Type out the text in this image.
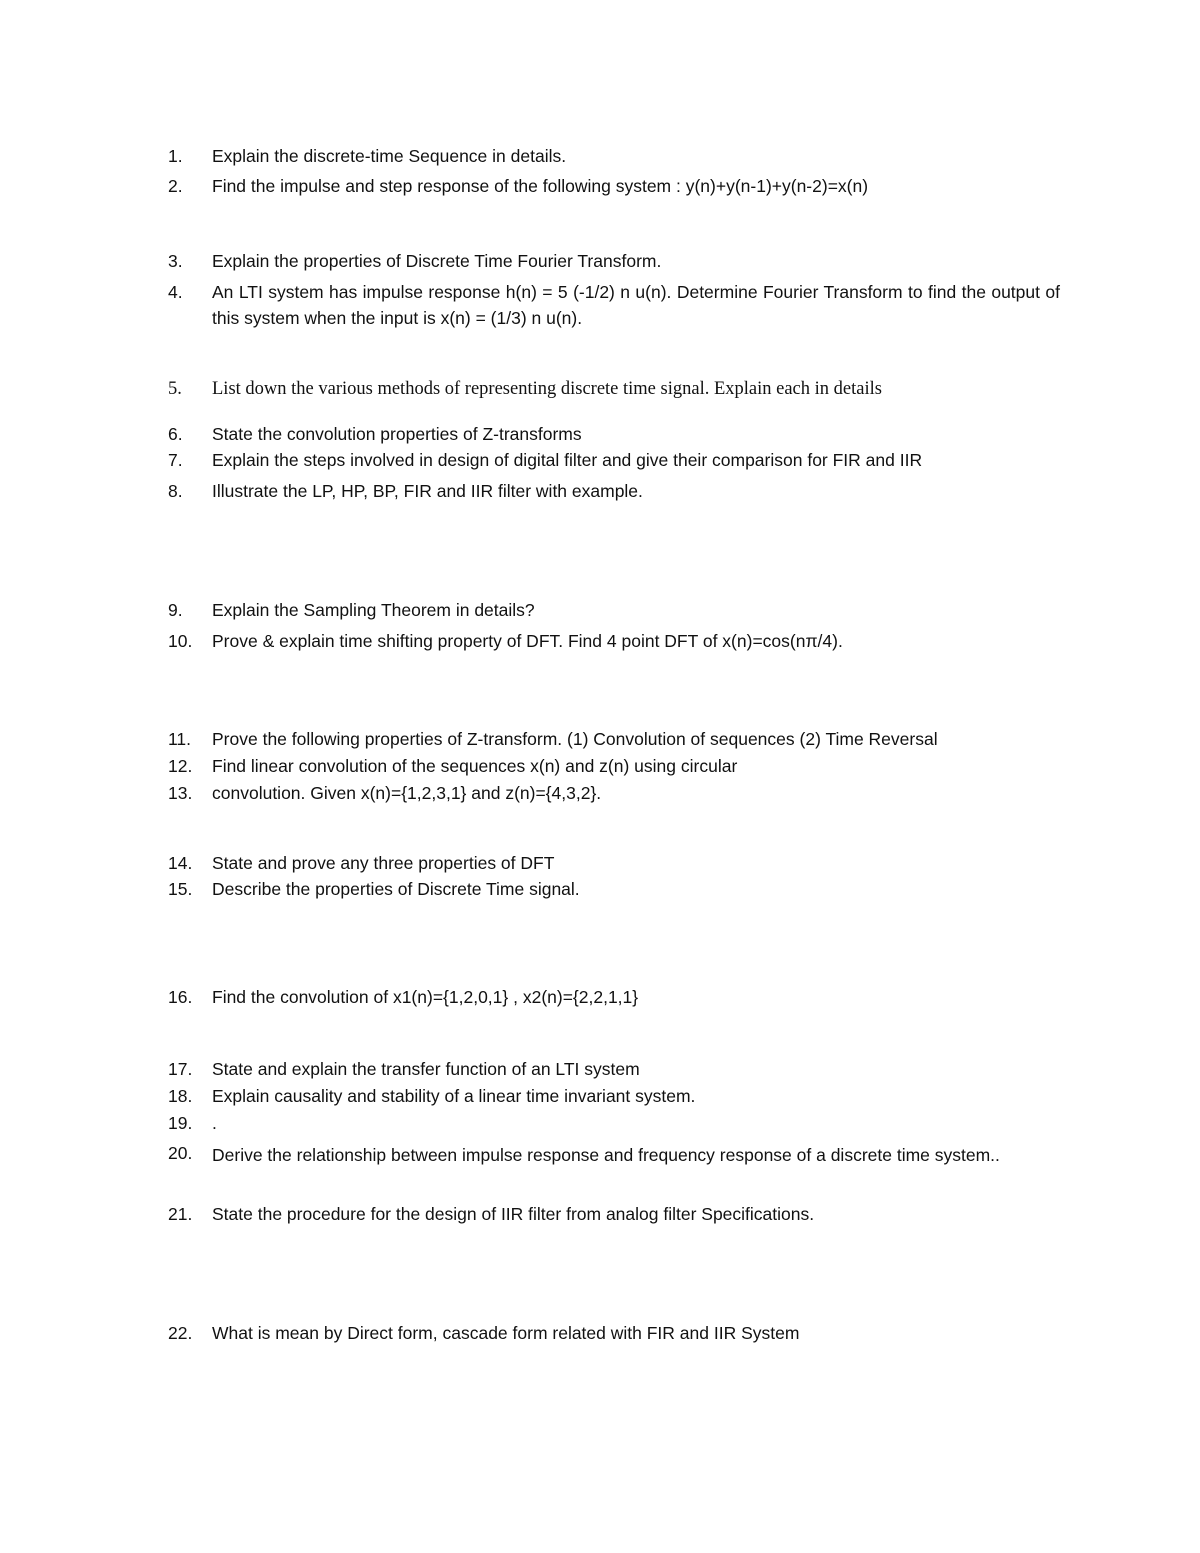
1.	Explain the discrete-time Sequence in details.
2.	Find the impulse and step response of the following system : y(n)+y(n-1)+y(n-2)=x(n)
3.	Explain the properties of Discrete Time Fourier Transform.
4.	An LTI system has impulse response h(n) = 5 (-1/2) n u(n). Determine Fourier Transform to find the output of this system when the input is x(n) = (1/3) n u(n).
5.	List down the various methods of representing discrete time signal. Explain each in details
6.	State the convolution properties of Z-transforms
7.	Explain the steps involved in design of digital filter and give their comparison for FIR and IIR
8.	Illustrate the LP, HP, BP, FIR and IIR filter with example.
9.	Explain the Sampling Theorem in details?
10.	Prove & explain time shifting property of DFT. Find 4 point DFT of x(n)=cos(nπ/4).
11.	Prove the following properties of Z-transform. (1) Convolution of sequences (2) Time Reversal
12.	Find linear convolution of the sequences x(n) and z(n) using circular
13.	convolution. Given x(n)={1,2,3,1} and z(n)={4,3,2}.
14.	State and prove any three properties of DFT
15.	Describe the properties of Discrete Time signal.
16.	Find the convolution of x1(n)={1,2,0,1} , x2(n)={2,2,1,1}
17.	State and explain the transfer function of an LTI system
18.	Explain causality and stability of a linear time invariant system.
19.	.
20.	Derive the relationship between impulse response and frequency response of a discrete time system..
21.	State the procedure for the design of IIR filter from analog filter Specifications.
22.	What is mean by Direct form, cascade form related with FIR and IIR System
